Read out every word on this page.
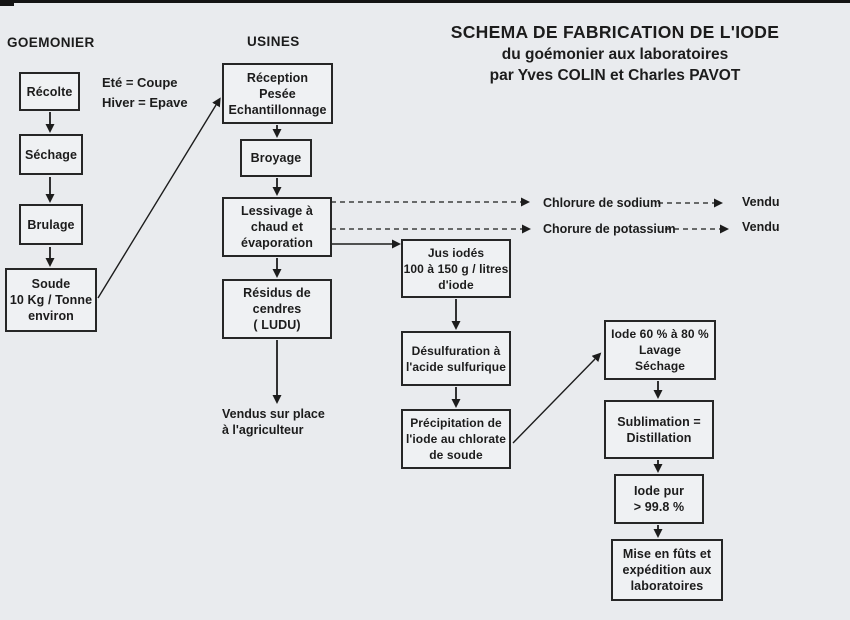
SCHEMA DE FABRICATION DE L'IODE
du goémonier aux laboratoires
par Yves COLIN et Charles PAVOT
GOEMONIER	USINES
Eté = Coupe
Hiver = Epave
Vendus sur place
à l'agriculteur
Chlorure de sodium	Vendu
Chorure de potassium	Vendu
Récolte
Séchage
Brulage
Soude
10 Kg / Tonne
environ
Réception
Pesée
Echantillonnage
Broyage
Lessivage à
chaud et
évaporation
Résidus de
cendres
( LUDU)
Jus iodés
100 à 150 g / litres
d'iode
Désulfuration à
l'acide sulfurique
Précipitation de
l'iode au chlorate
de soude
Iode 60 % à 80 %
Lavage
Séchage
Sublimation =
Distillation
Iode pur
> 99.8 %
Mise en fûts et
expédition aux
laboratoires
